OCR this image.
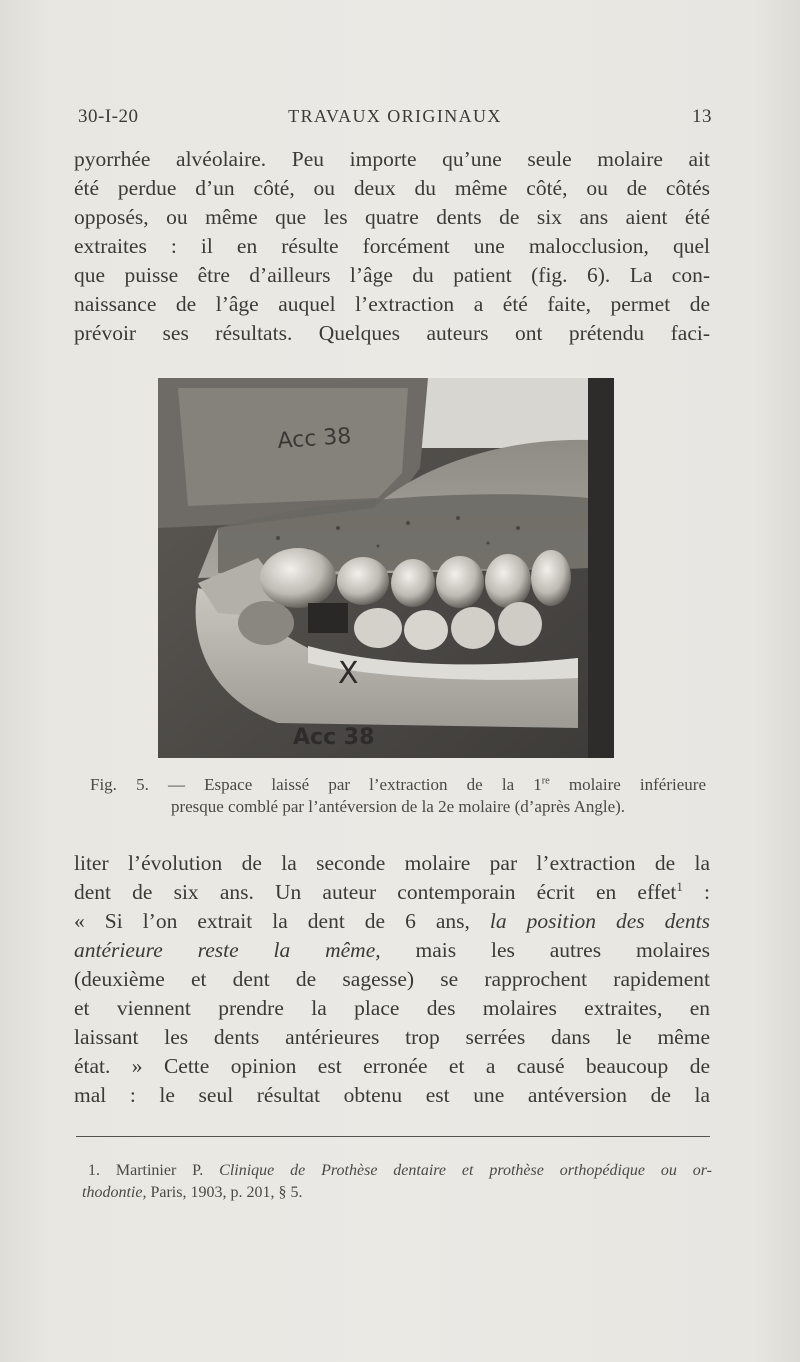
30-I-20	TRAVAUX ORIGINAUX	13
pyorrhée alvéolaire. Peu importe qu’une seule molaire ait
été perdue d’un côté, ou deux du même côté, ou de côtés
opposés, ou même que les quatre dents de six ans aient été
extraites : il en résulte forcément une malocclusion, quel
que puisse être d’ailleurs l’âge du patient (fig. 6). La con-
naissance de l’âge auquel l’extraction a été faite, permet de
prévoir ses résultats. Quelques auteurs ont prétendu faci-
Acc 38
X
Acc 38
Fig. 5. — Espace laissé par l’extraction de la 1re molaire inférieure
presque comblé par l’antéversion de la 2e molaire (d’après Angle).
liter l’évolution de la seconde molaire par l’extraction de la
dent de six ans. Un auteur contemporain écrit en effet$^1$ :
« Si l’on extrait la dent de 6 ans, la position des dents
antérieure reste la même, mais les autres molaires
(deuxième et dent de sagesse) se rapprochent rapidement
et viennent prendre la place des molaires extraites, en
laissant les dents antérieures trop serrées dans le même
état. » Cette opinion est erronée et a causé beaucoup de
mal : le seul résultat obtenu est une antéversion de la
1. Martinier P. Clinique de Prothèse dentaire et prothèse orthopédique ou or-
thodontie, Paris, 1903, p. 201, § 5.
